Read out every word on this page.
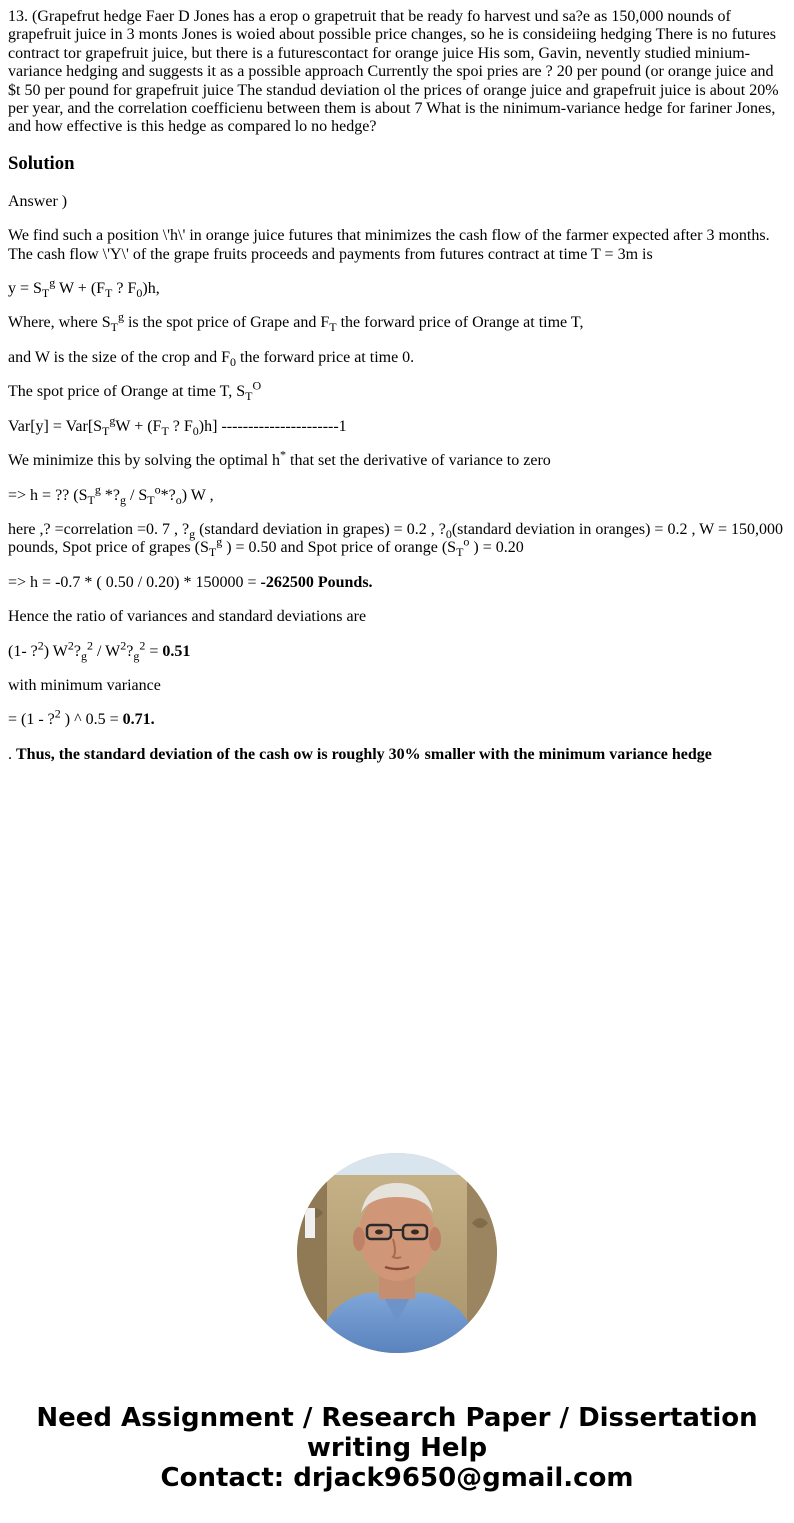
13. (Grapefrut hedge Faer D Jones has a erop o grapetruit that be ready fo harvest und sa?e as 150,000 nounds of grapefruit juice in 3 monts Jones is woied about possible price changes, so he is consideiing hedging There is no futures contract tor grapefruit juice, but there is a futurescontact for orange juice His som, Gavin, nevently studied minium-variance hedging and suggests it as a possible approach Currently the spoi pries are ? 20 per pound (or orange juice and $t 50 per pound for grapefruit juice The standud deviation ol the prices of orange juice and grapefruit juice is about 20% per year, and the correlation coefficienu between them is about 7 What is the ninimum-variance hedge for fariner Jones, and how effective is this hedge as compared lo no hedge?

Solution

Answer )

We find such a position \'h\' in orange juice futures that minimizes the cash flow of the farmer expected after 3 months. The cash flow \'Y\' of the grape fruits proceeds and payments from futures contract at time T = 3m is

$y = S_T^g$ $W + (F_T$ ? $F_0)h$,

Where, where $S_T^g$ is the spot price of Grape and $F_T$ the forward price of Orange at time T,

and W is the size of the crop and $F_0$ the forward price at time 0.

The spot price of Orange at time T, $S_T^O$

$Var[y] = Var[S_T^gW + (F_T$ ? $F_0)h$] ----------------------1

We minimize this by solving the optimal h* that set the derivative of variance to zero

=> h = ?? ($S_T^g$ $*?_g$ / $S_T^o*?_o$) W ,

here ,? =correlation =0. 7 , $?_g$ (standard deviation in grapes) = 0.2 , $?_0(standard$ deviation in oranges) = 0.2 , W = 150,000 pounds, Spot price of grapes ($S_T^g$ ) = 0.50 and Spot price of orange ($S_T^o$ ) = 0.20

=> h = -0.7 * ( 0.50 / 0.20) * 150000 = -262500 Pounds.

Hence the ratio of variances and standard deviations are

(1- ?$^2$) $W^2?_g^2$ / $W^2?_g^2 = 0.51$

with minimum variance

= (1 - ?$^2$ ) ^ 0.5 = 0.71.

. Thus, the standard deviation of the cash ow is roughly 30% smaller with the minimum variance hedge

Need Assignment / Research Paper / Dissertation
writing Help
Contact: drjack9650@gmail.com
